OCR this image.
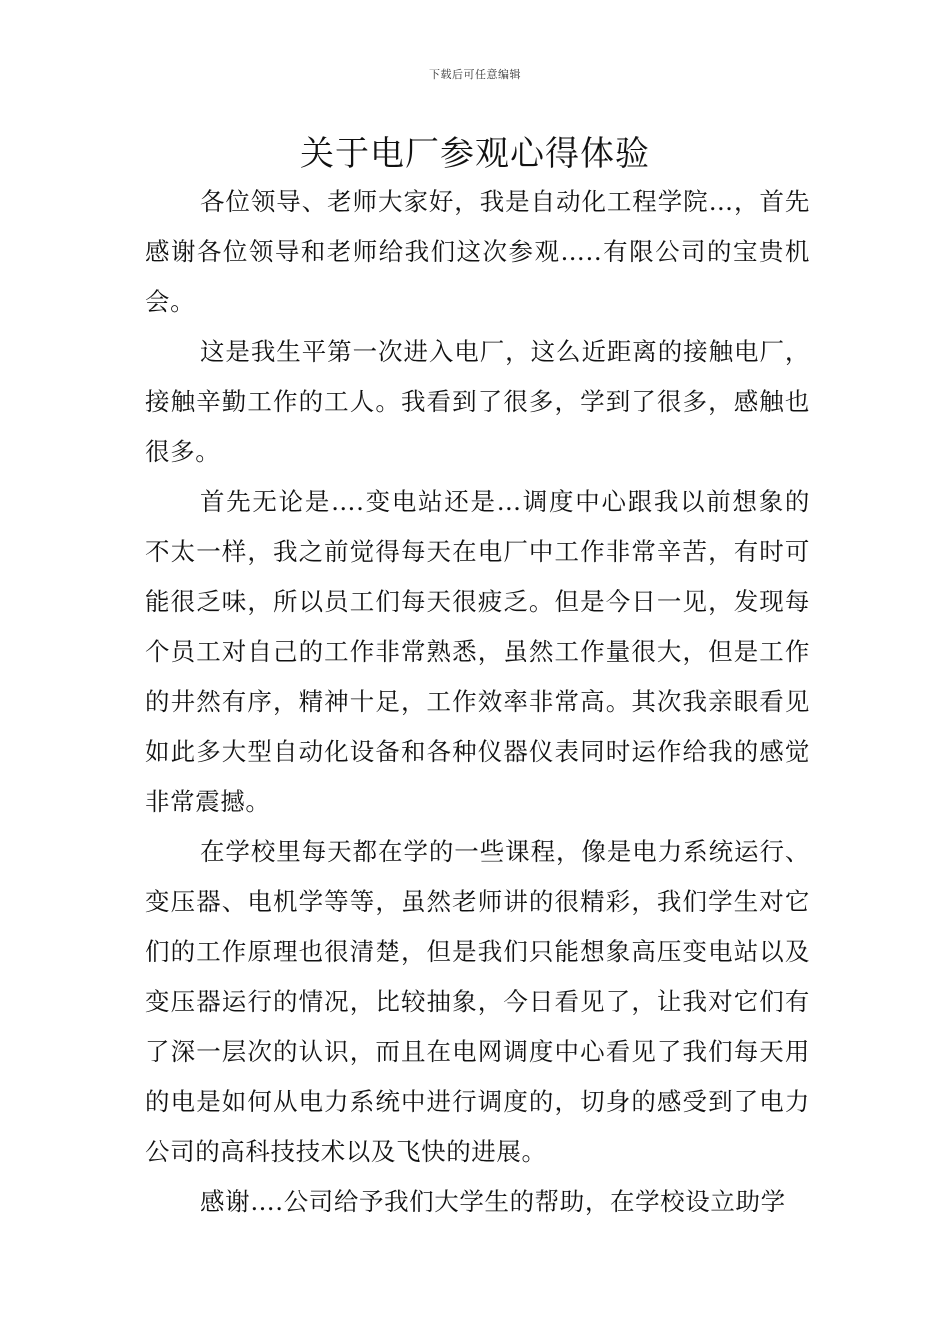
下载后可任意编辑
关于电厂参观心得体验

各位领导、老师大家好，我是自动化工程学院…，首先感谢各位领导和老师给我们这次参观…..有限公司的宝贵机会。

这是我生平第一次进入电厂，这么近距离的接触电厂，接触辛勤工作的工人。我看到了很多，学到了很多，感触也很多。

首先无论是….变电站还是…调度中心跟我以前想象的不太一样，我之前觉得每天在电厂中工作非常辛苦，有时可能很乏味，所以员工们每天很疲乏。但是今日一见，发现每个员工对自己的工作非常熟悉，虽然工作量很大，但是工作的井然有序，精神十足，工作效率非常高。其次我亲眼看见如此多大型自动化设备和各种仪器仪表同时运作给我的感觉非常震撼。

在学校里每天都在学的一些课程，像是电力系统运行、变压器、电机学等等，虽然老师讲的很精彩，我们学生对它们的工作原理也很清楚，但是我们只能想象高压变电站以及变压器运行的情况，比较抽象，今日看见了，让我对它们有了深一层次的认识，而且在电网调度中心看见了我们每天用的电是如何从电力系统中进行调度的，切身的感受到了电力公司的高科技技术以及飞快的进展。

感谢….公司给予我们大学生的帮助，在学校设立助学
